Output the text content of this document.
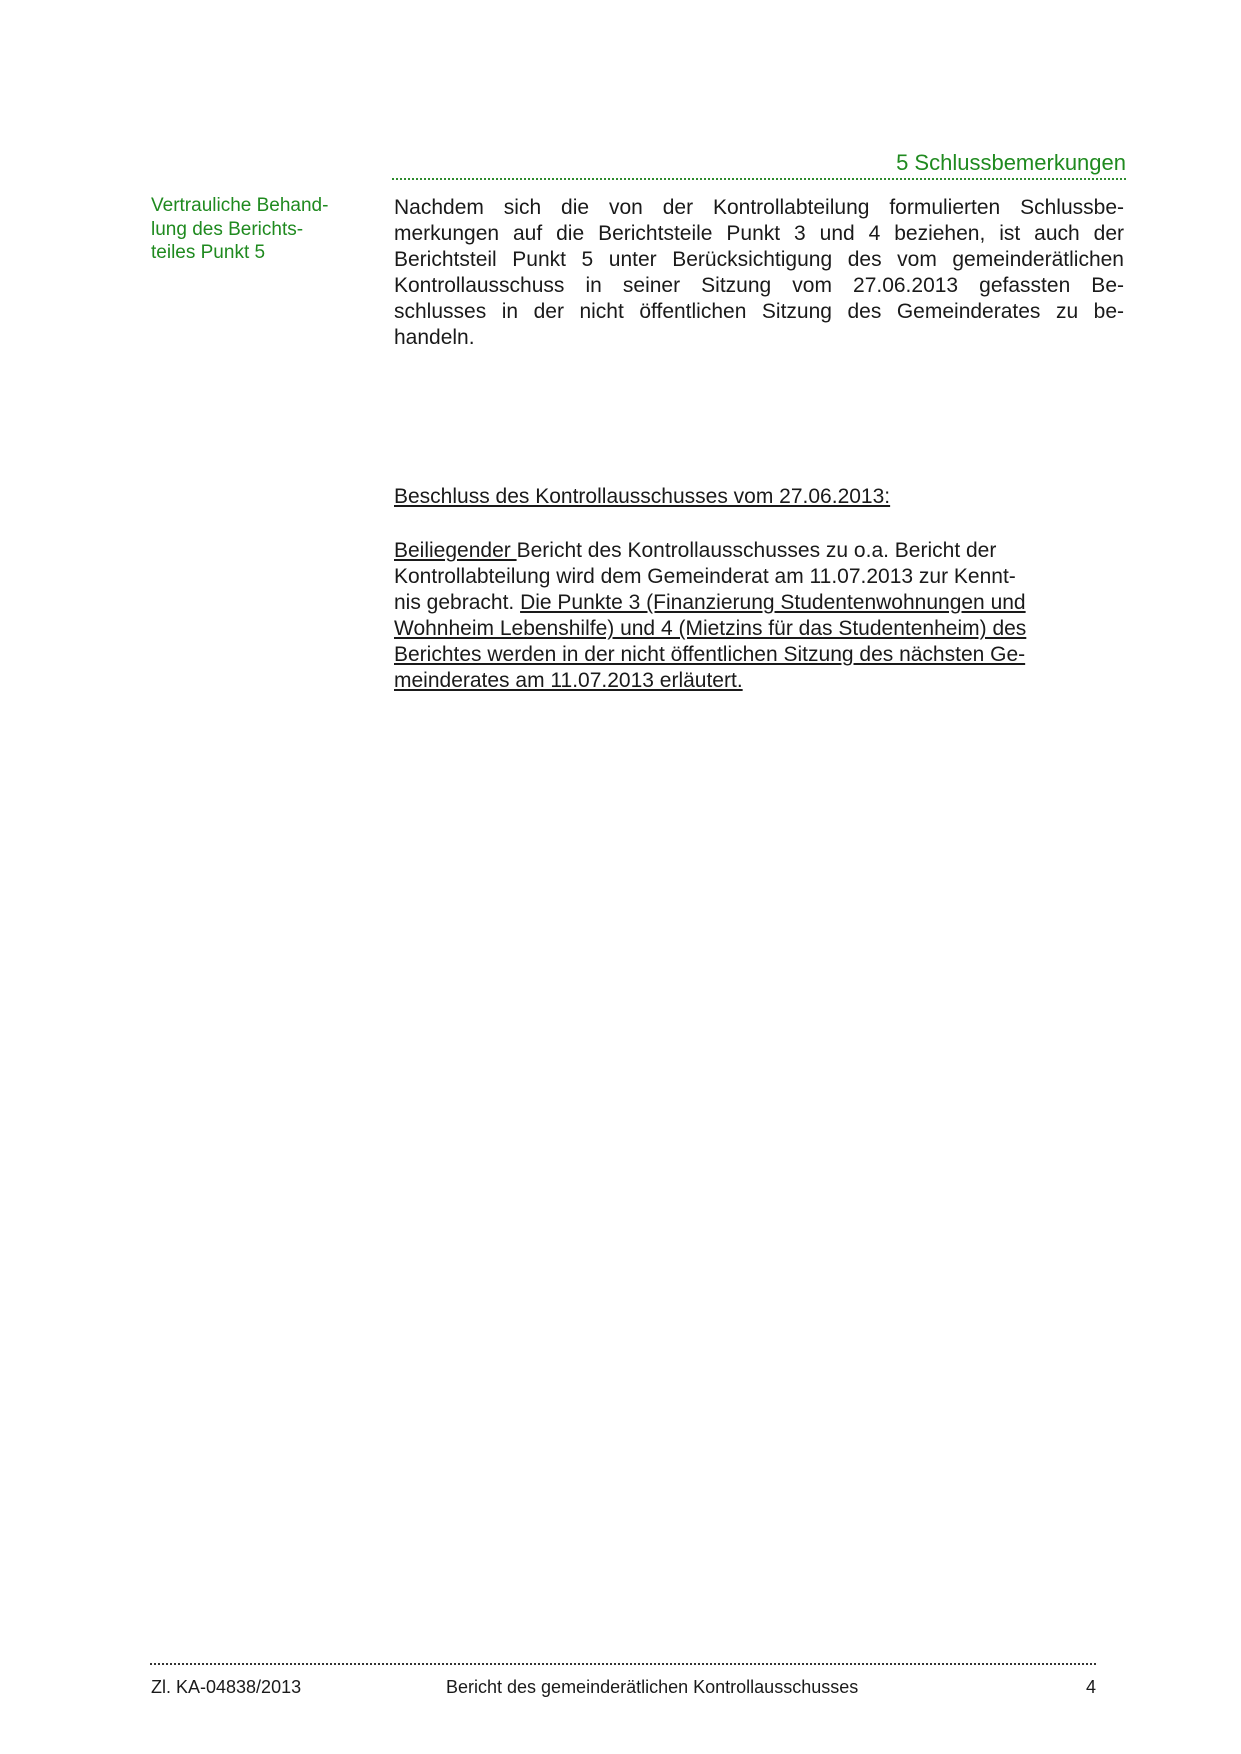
5 Schlussbemerkungen
Vertrauliche Behand-
lung des Berichts-
teiles Punkt 5
Nachdem sich die von der Kontrollabteilung formulierten Schlussbe-
merkungen auf die Berichtsteile Punkt 3 und 4 beziehen, ist auch der
Berichtsteil Punkt 5 unter Berücksichtigung des vom gemeinderätlichen
Kontrollausschuss in seiner Sitzung vom 27.06.2013 gefassten Be-
schlusses in der nicht öffentlichen Sitzung des Gemeinderates zu be-
handeln.
Beschluss des Kontrollausschusses vom 27.06.2013:
Beiliegender Bericht des Kontrollausschusses zu o.a. Bericht der
Kontrollabteilung wird dem Gemeinderat am 11.07.2013 zur Kennt-
nis gebracht. Die Punkte 3 (Finanzierung Studentenwohnungen und
Wohnheim Lebenshilfe) und 4 (Mietzins für das Studentenheim) des
Berichtes werden in der nicht öffentlichen Sitzung des nächsten Ge-
meinderates am 11.07.2013 erläutert.
Zl. KA-04838/2013	Bericht des gemeinderätlichen Kontrollausschusses	4
